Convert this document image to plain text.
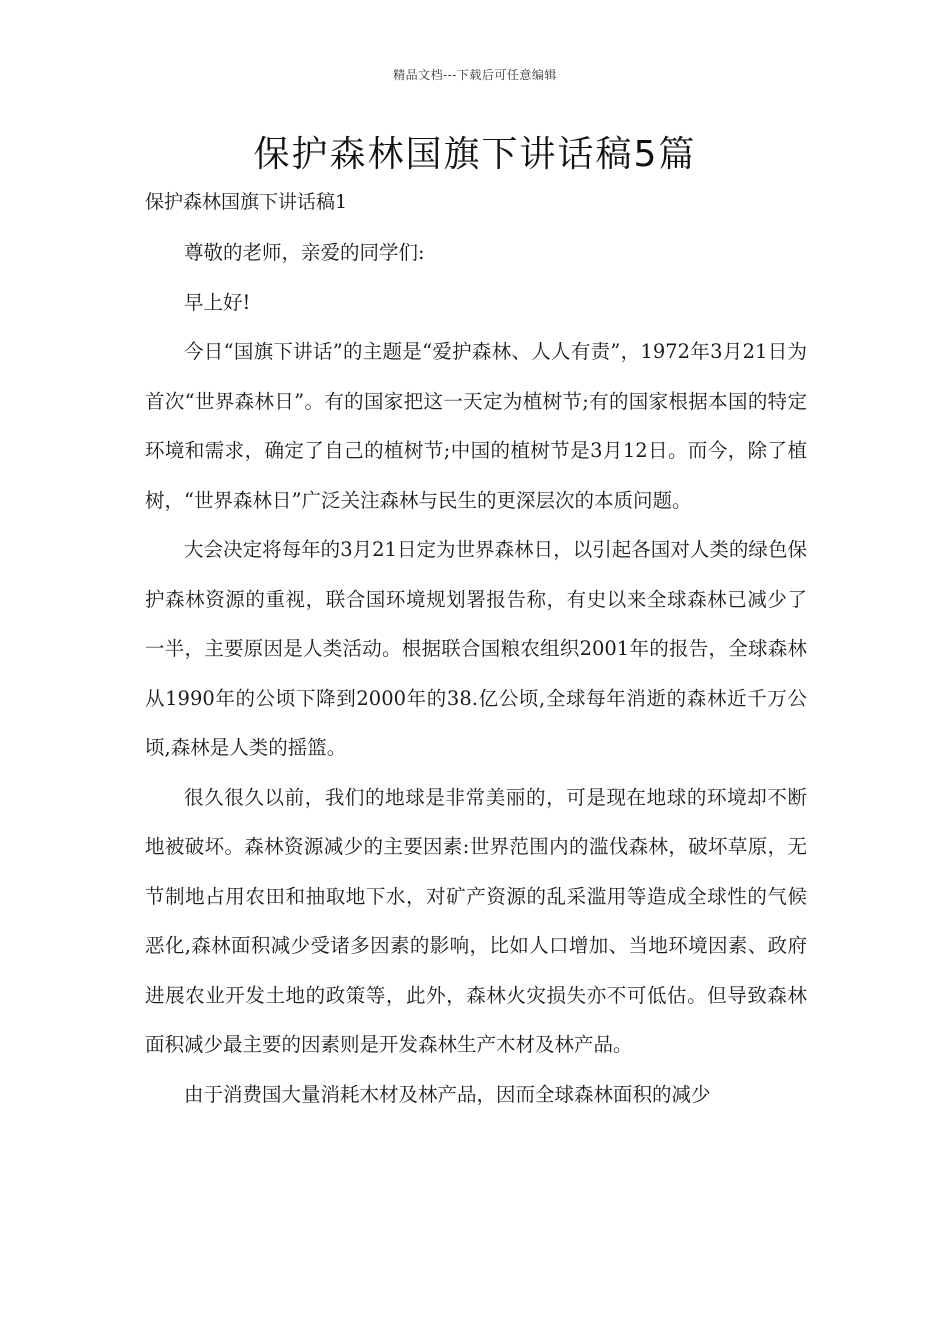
精品文档---下载后可任意编辑
保护森林国旗下讲话稿5篇
保护森林国旗下讲话稿1

尊敬的老师，亲爱的同学们:

早上好!

今日“国旗下讲话”的主题是“爱护森林、人人有责”，1972年3月21日为首次“世界森林日”。有的国家把这一天定为植树节;有的国家根据本国的特定环境和需求，确定了自己的植树节;中国的植树节是3月12日。而今，除了植树，“世界森林日”广泛关注森林与民生的更深层次的本质问题。

大会决定将每年的3月21日定为世界森林日，以引起各国对人类的绿色保护森林资源的重视，联合国环境规划署报告称，有史以来全球森林已减少了一半，主要原因是人类活动。根据联合国粮农组织2001年的报告，全球森林从1990年的公顷下降到2000年的38.亿公顷,全球每年消逝的森林近千万公顷,森林是人类的摇篮。

很久很久以前，我们的地球是非常美丽的，可是现在地球的环境却不断地被破坏。森林资源减少的主要因素:世界范围内的滥伐森林，破坏草原，无节制地占用农田和抽取地下水，对矿产资源的乱采滥用等造成全球性的气候恶化,森林面积减少受诸多因素的影响，比如人口增加、当地环境因素、政府进展农业开发土地的政策等，此外，森林火灾损失亦不可低估。但导致森林面积减少最主要的因素则是开发森林生产木材及林产品。

由于消费国大量消耗木材及林产品，因而全球森林面积的减少
